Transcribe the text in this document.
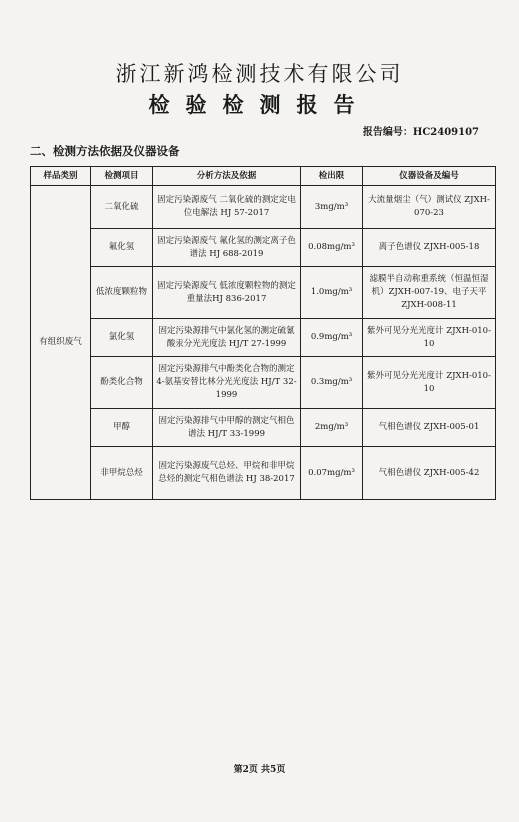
浙江新鸿检测技术有限公司
检验检测报告
报告编号：HC2409107
二、检测方法依据及仪器设备
样品类别	检测项目	分析方法及依据	检出限	仪器设备及编号
有组织废气	二氧化硫	固定污染源废气 二氧化硫的测定定电位电解法 HJ 57-2017	3mg/m³	大流量烟尘（气）测试仪 ZJXH-070-23
	氟化氢	固定污染源废气 氟化氢的测定离子色谱法 HJ 688-2019	0.08mg/m³	离子色谱仪 ZJXH-005-18
	低浓度颗粒物	固定污染源废气 低浓度颗粒物的测定重量法HJ 836-2017	1.0mg/m³	滤膜半自动称重系统（恒温恒湿机）ZJXH-007-19、电子天平 ZJXH-008-11
	氯化氢	固定污染源排气中氯化氢的测定硫氰酸汞分光光度法 HJ/T 27-1999	0.9mg/m³	紫外可见分光光度计 ZJXH-010-10
	酚类化合物	固定污染源排气中酚类化合物的测定4-氨基安替比林分光光度法 HJ/T 32-1999	0.3mg/m³	紫外可见分光光度计 ZJXH-010-10
	甲醇	固定污染源排气中甲醇的测定气相色谱法 HJ/T 33-1999	2mg/m³	气相色谱仪 ZJXH-005-01
	非甲烷总烃	固定污染源废气总烃、甲烷和非甲烷总烃的测定气相色谱法 HJ 38-2017	0.07mg/m³	气相色谱仪 ZJXH-005-42
第2页 共5页
